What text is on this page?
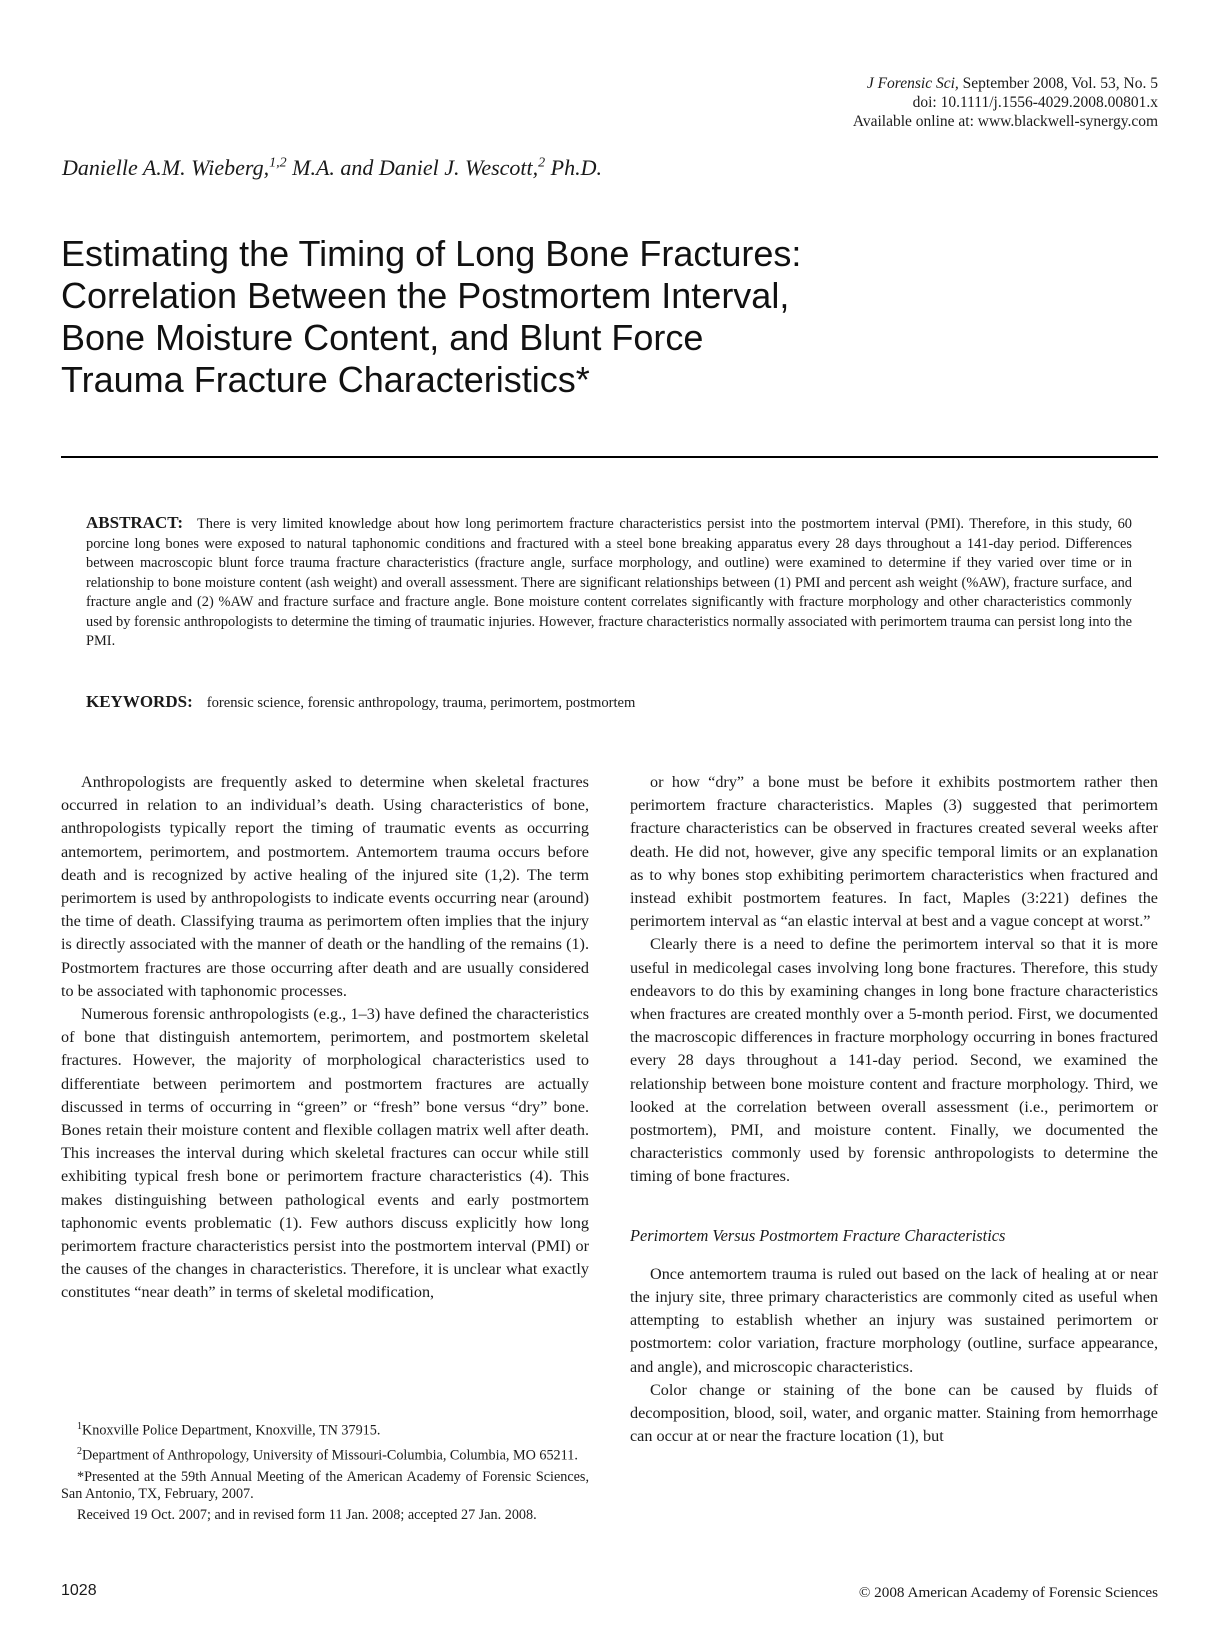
J Forensic Sci, September 2008, Vol. 53, No. 5
doi: 10.1111/j.1556-4029.2008.00801.x
Available online at: www.blackwell-synergy.com
Danielle A.M. Wieberg,$^{1,2}$ M.A. and Daniel J. Wescott,$^2$ Ph.D.
Estimating the Timing of Long Bone Fractures:
Correlation Between the Postmortem Interval,
Bone Moisture Content, and Blunt Force
Trauma Fracture Characteristics*
ABSTRACT: There is very limited knowledge about how long perimortem fracture characteristics persist into the postmortem interval (PMI). Therefore, in this study, 60 porcine long bones were exposed to natural taphonomic conditions and fractured with a steel bone breaking apparatus every 28 days throughout a 141-day period. Differences between macroscopic blunt force trauma fracture characteristics (fracture angle, surface morphology, and outline) were examined to determine if they varied over time or in relationship to bone moisture content (ash weight) and overall assessment. There are significant relationships between (1) PMI and percent ash weight (%AW), fracture surface, and fracture angle and (2) %AW and fracture surface and fracture angle. Bone moisture content correlates significantly with fracture morphology and other characteristics commonly used by forensic anthropologists to determine the timing of traumatic injuries. However, fracture characteristics normally associated with perimortem trauma can persist long into the PMI.
KEYWORDS: forensic science, forensic anthropology, trauma, perimortem, postmortem

Anthropologists are frequently asked to determine when skeletal fractures occurred in relation to an individual’s death. Using characteristics of bone, anthropologists typically report the timing of traumatic events as occurring antemortem, perimortem, and postmortem. Antemortem trauma occurs before death and is recognized by active healing of the injured site (1,2). The term perimortem is used by anthropologists to indicate events occurring near (around) the time of death. Classifying trauma as perimortem often implies that the injury is directly associated with the manner of death or the handling of the remains (1). Postmortem fractures are those occurring after death and are usually considered to be associated with taphonomic processes.

Numerous forensic anthropologists (e.g., 1–3) have defined the characteristics of bone that distinguish antemortem, perimortem, and postmortem skeletal fractures. However, the majority of morphological characteristics used to differentiate between perimortem and postmortem fractures are actually discussed in terms of occurring in “green” or “fresh” bone versus “dry” bone. Bones retain their moisture content and flexible collagen matrix well after death. This increases the interval during which skeletal fractures can occur while still exhibiting typical fresh bone or perimortem fracture characteristics (4). This makes distinguishing between pathological events and early postmortem taphonomic events problematic (1). Few authors discuss explicitly how long perimortem fracture characteristics persist into the postmortem interval (PMI) or the causes of the changes in characteristics. Therefore, it is unclear what exactly constitutes “near death” in terms of skeletal modification,

or how “dry” a bone must be before it exhibits postmortem rather then perimortem fracture characteristics. Maples (3) suggested that perimortem fracture characteristics can be observed in fractures created several weeks after death. He did not, however, give any specific temporal limits or an explanation as to why bones stop exhibiting perimortem characteristics when fractured and instead exhibit postmortem features. In fact, Maples (3:221) defines the perimortem interval as “an elastic interval at best and a vague concept at worst.”

Clearly there is a need to define the perimortem interval so that it is more useful in medicolegal cases involving long bone fractures. Therefore, this study endeavors to do this by examining changes in long bone fracture characteristics when fractures are created monthly over a 5-month period. First, we documented the macroscopic differences in fracture morphology occurring in bones fractured every 28 days throughout a 141-day period. Second, we examined the relationship between bone moisture content and fracture morphology. Third, we looked at the correlation between overall assessment (i.e., perimortem or postmortem), PMI, and moisture content. Finally, we documented the characteristics commonly used by forensic anthropologists to determine the timing of bone fractures.

Perimortem Versus Postmortem Fracture Characteristics

Once antemortem trauma is ruled out based on the lack of healing at or near the injury site, three primary characteristics are commonly cited as useful when attempting to establish whether an injury was sustained perimortem or postmortem: color variation, fracture morphology (outline, surface appearance, and angle), and microscopic characteristics.

Color change or staining of the bone can be caused by fluids of decomposition, blood, soil, water, and organic matter. Staining from hemorrhage can occur at or near the fracture location (1), but

$^1$Knoxville Police Department, Knoxville, TN 37915.

$^2$Department of Anthropology, University of Missouri-Columbia, Columbia, MO 65211.

*Presented at the 59th Annual Meeting of the American Academy of Forensic Sciences, San Antonio, TX, February, 2007.

Received 19 Oct. 2007; and in revised form 11 Jan. 2008; accepted 27 Jan. 2008.

1028	© 2008 American Academy of Forensic Sciences
